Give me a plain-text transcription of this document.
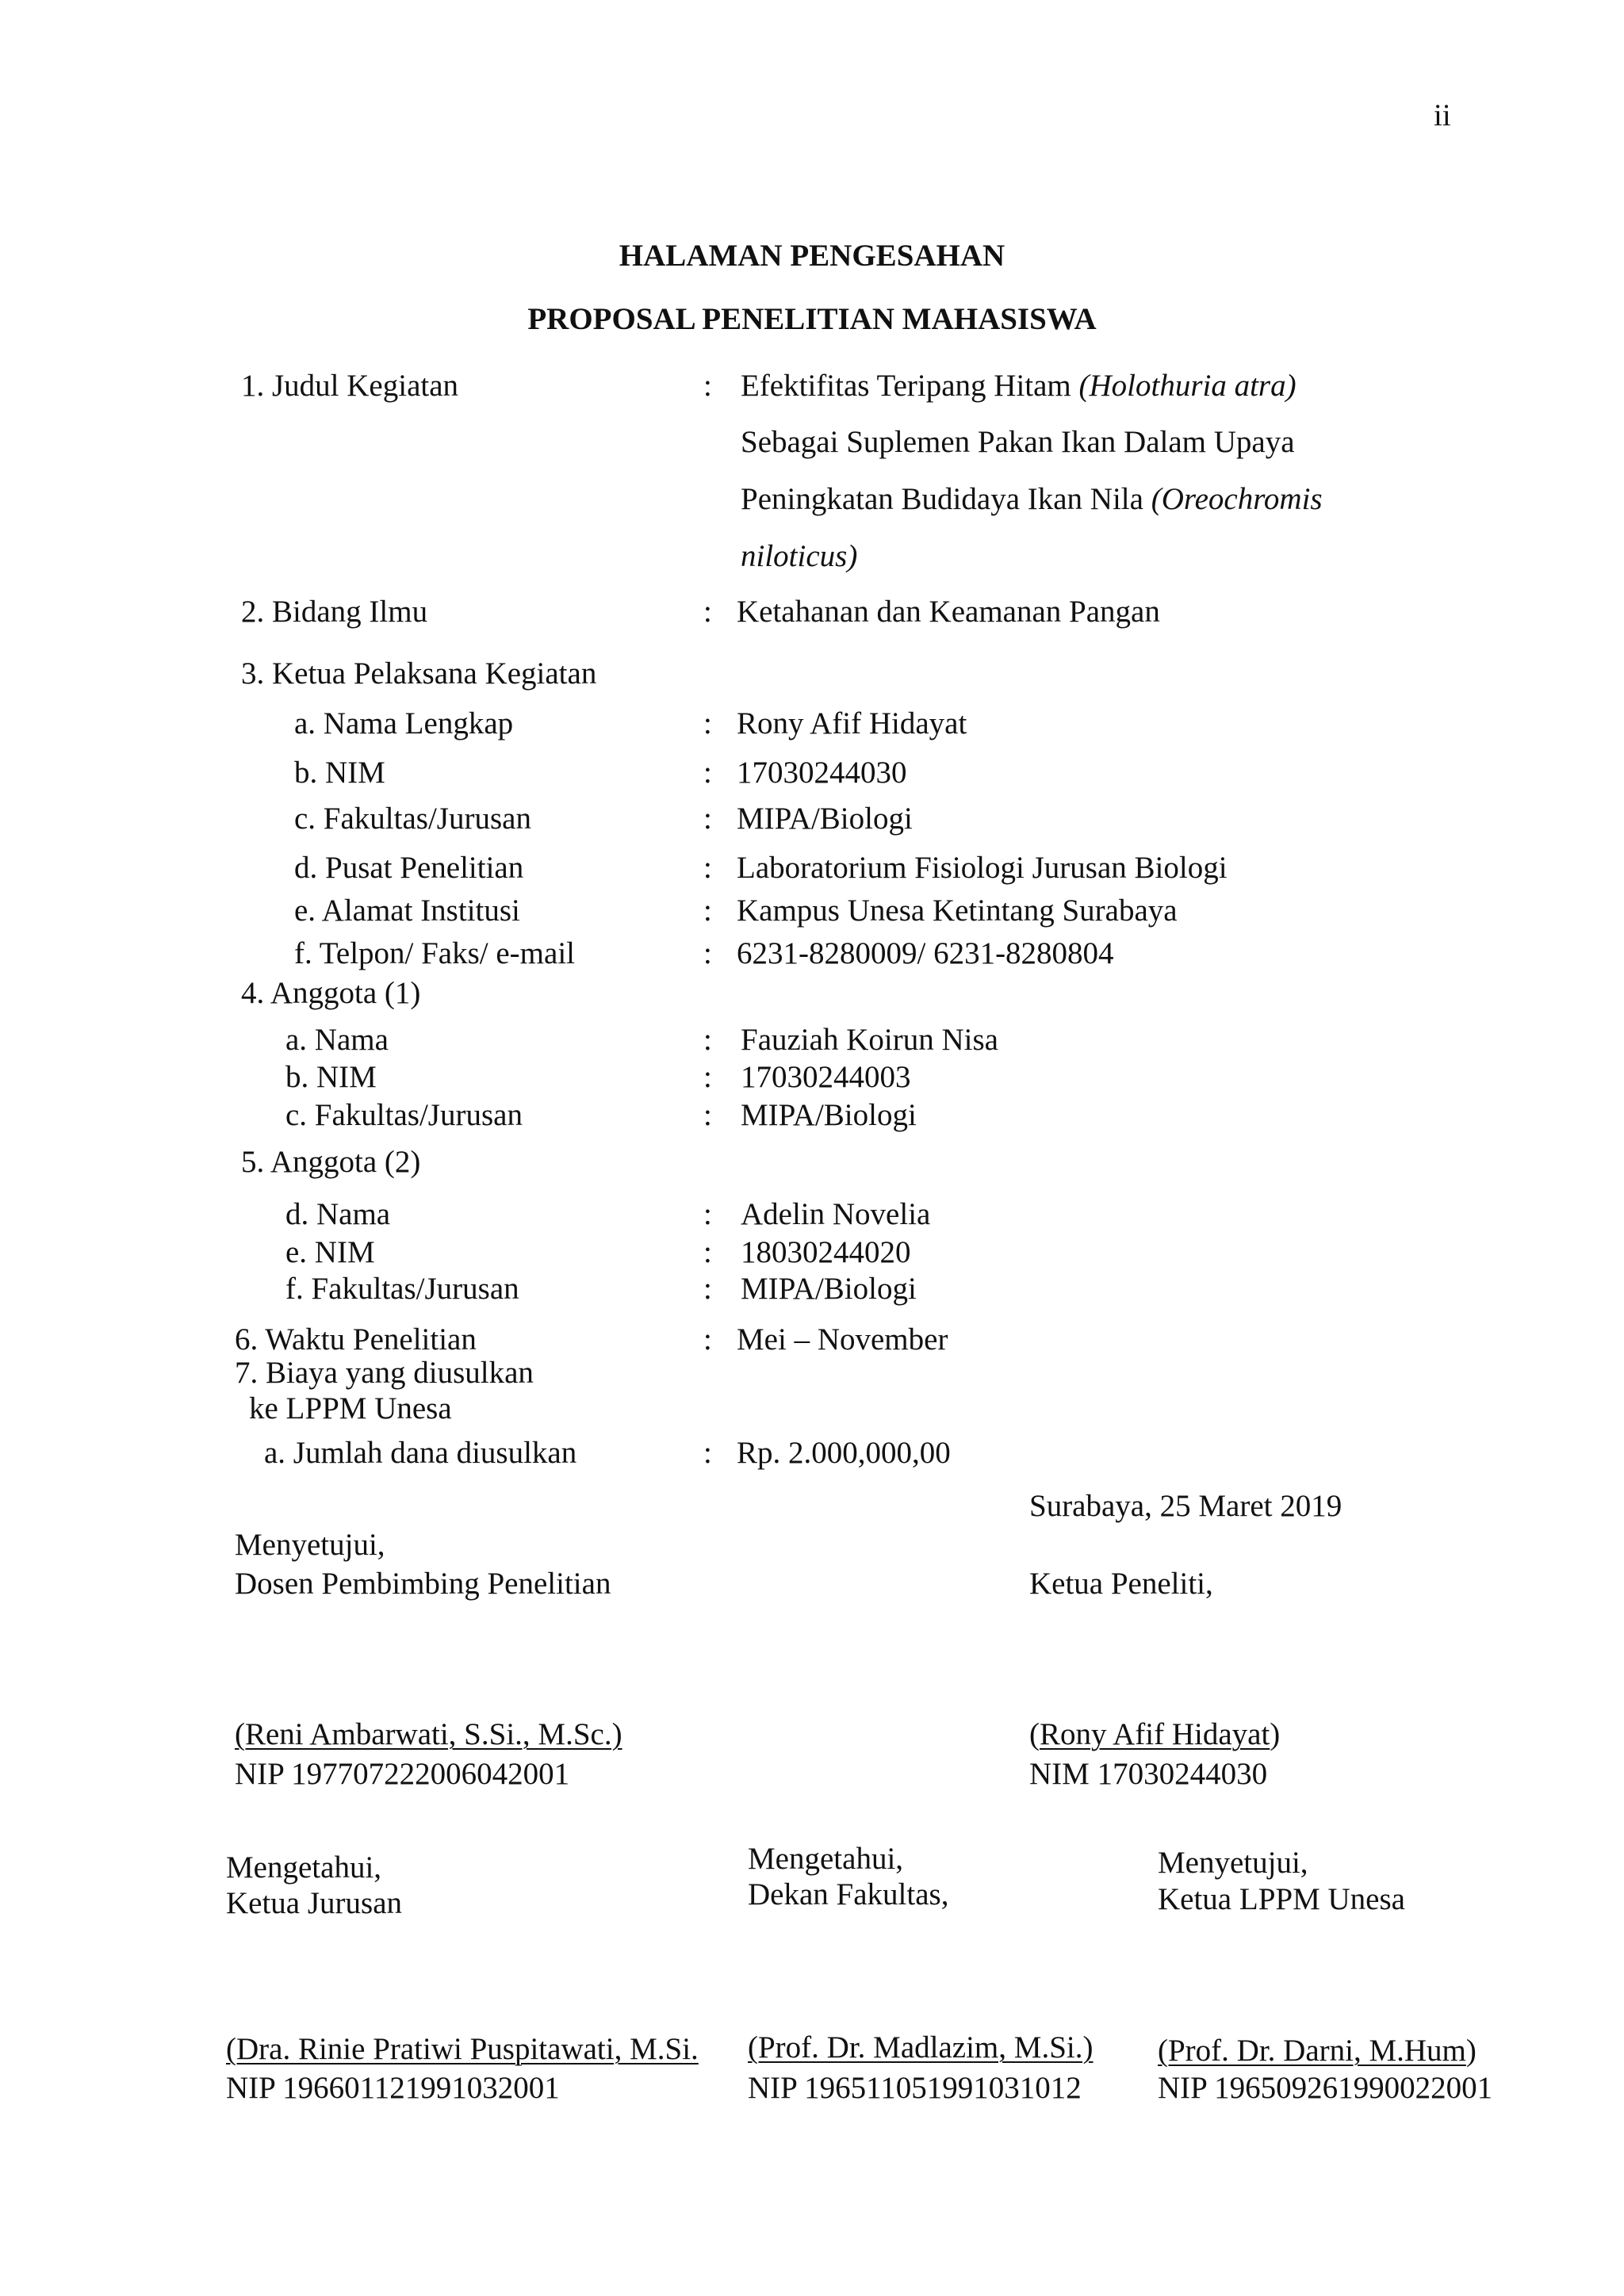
ii
HALAMAN PENGESAHAN
PROPOSAL PENELITIAN MAHASISWA
1. Judul Kegiatan	: Efektifitas Teripang Hitam (Holothuria atra)
Sebagai Suplemen Pakan Ikan Dalam Upaya
Peningkatan Budidaya Ikan Nila (Oreochromis
niloticus)
2. Bidang Ilmu	: Ketahanan dan Keamanan Pangan
3. Ketua Pelaksana Kegiatan
a. Nama Lengkap	: Rony Afif Hidayat
b. NIM	: 17030244030
c. Fakultas/Jurusan	: MIPA/Biologi
d. Pusat Penelitian	: Laboratorium Fisiologi Jurusan Biologi
e. Alamat Institusi	: Kampus Unesa Ketintang Surabaya
f. Telpon/ Faks/ e-mail	: 6231-8280009/ 6231-8280804
4. Anggota (1)
a. Nama	: Fauziah Koirun Nisa
b. NIM	: 17030244003
c. Fakultas/Jurusan	: MIPA/Biologi
5. Anggota (2)
d. Nama	: Adelin Novelia
e. NIM	: 18030244020
f. Fakultas/Jurusan	: MIPA/Biologi
6. Waktu Penelitian	: Mei – November
7. Biaya yang diusulkan
ke LPPM Unesa
a. Jumlah dana diusulkan	: Rp. 2.000,000,00
Surabaya, 25 Maret 2019
Menyetujui,
Dosen Pembimbing Penelitian
(Reni Ambarwati, S.Si., M.Sc.)
NIP 197707222006042001
Ketua Peneliti,
(Rony Afif Hidayat)
NIM 17030244030
Mengetahui,
Ketua Jurusan
(Dra. Rinie Pratiwi Puspitawati, M.Si.
NIP 196601121991032001
Mengetahui,
Dekan Fakultas,
(Prof. Dr. Madlazim, M.Si.)
NIP 196511051991031012
Menyetujui,
Ketua LPPM Unesa
(Prof. Dr. Darni, M.Hum)
NIP 196509261990022001
